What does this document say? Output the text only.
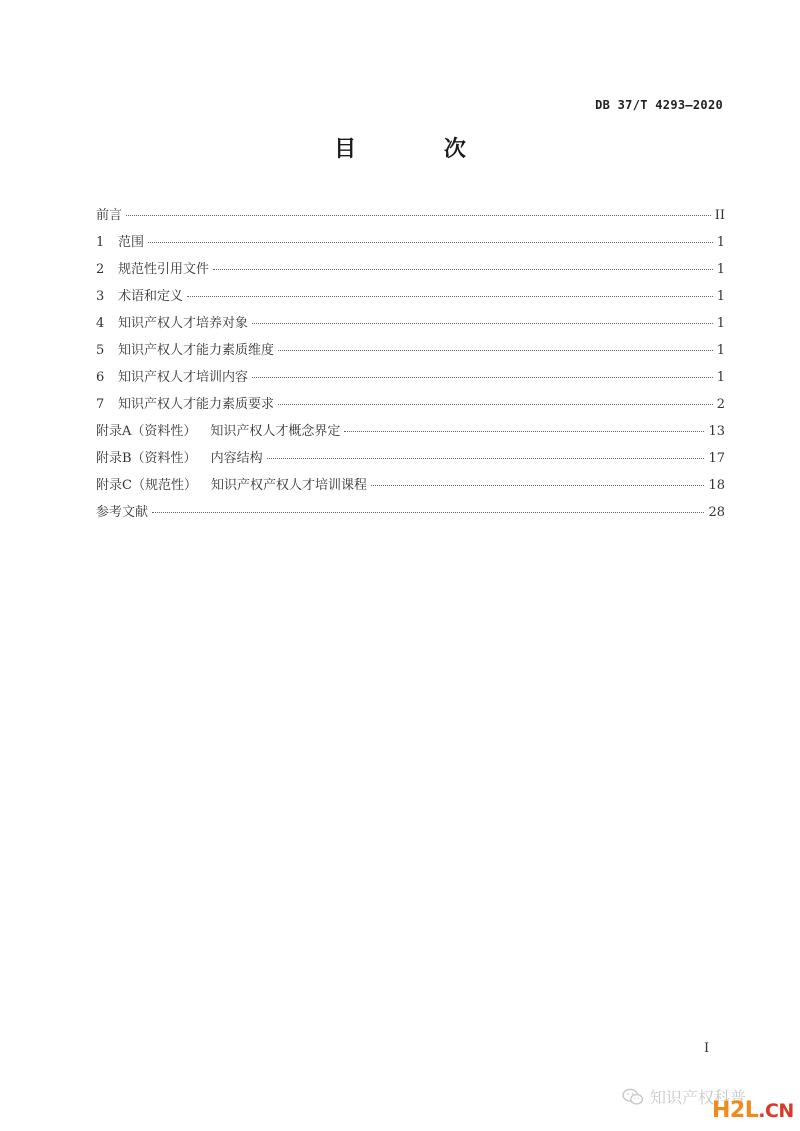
DB 37/T 4293—2020
目 次
前言	II
1	范围	1
2	规范性引用文件	1
3	术语和定义	1
4	知识产权人才培养对象	1
5	知识产权人才能力素质维度	1
6	知识产权人才培训内容	1
7	知识产权人才能力素质要求	2
附录A（资料性） 知识产权人才概念界定	13
附录B（资料性） 内容结构	17
附录C（规范性） 知识产权产权人才培训课程	18
参考文献	28
I
知识产权科普
H2L.CN
